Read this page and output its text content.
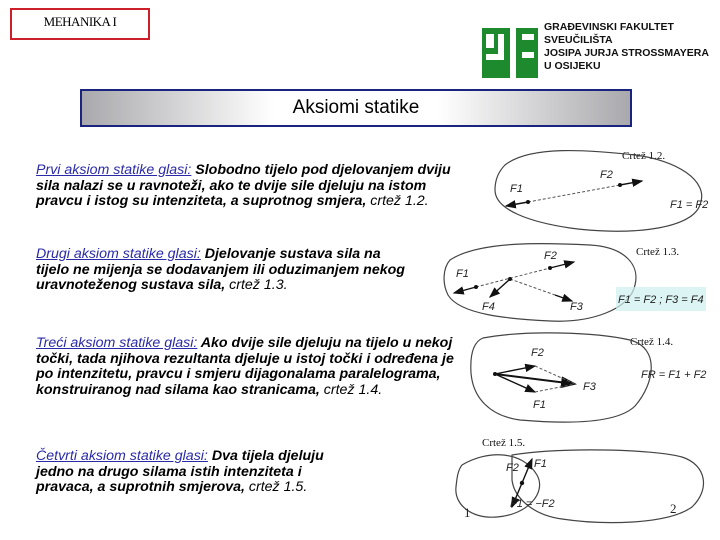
MEHANIKA I	GRAĐEVINSKI FAKULTET
SVEUČILIŠTA
JOSIPA JURJA STROSSMAYERA
U OSIJEKU
Aksiomi statike
Prvi aksiom statike glasi: Slobodno tijelo pod djelovanjem dviju sila nalazi se u ravnoteži, ako te dvije sile djeluju na istom pravcu i istog su intenziteta, a suprotnog smjera, crtež 1.2.
Drugi aksiom statike glasi: Djelovanje sustava sila na tijelo ne mijenja se dodavanjem ili oduzimanjem nekog uravnoteženog sustava sila, crtež 1.3.
Treći aksiom statike glasi: Ako dvije sile djeluju na tijelo u nekoj točki, tada njihova rezultanta djeluje u istoj točki i određena je po intenzitetu, pravcu i smjeru dijagonalama paralelograma, konstruiranog nad silama kao stranicama, crtež 1.4.
Četvrti aksiom statike glasi: Dva tijela djeluju jedno na drugo silama istih intenziteta i pravaca, a suprotnih smjerova, crtež 1.5.
Crtež 1.2.
Crtež 1.3.
Crtež 1.4.
Crtež 1.5.
F1
F2
F1 = F2
F1
F2
F3
F4
F1 = F2 ; F3 = F4
F1
F2
F3
FR = F1 + F2
F1
F2
F1 = −F2
1	2
